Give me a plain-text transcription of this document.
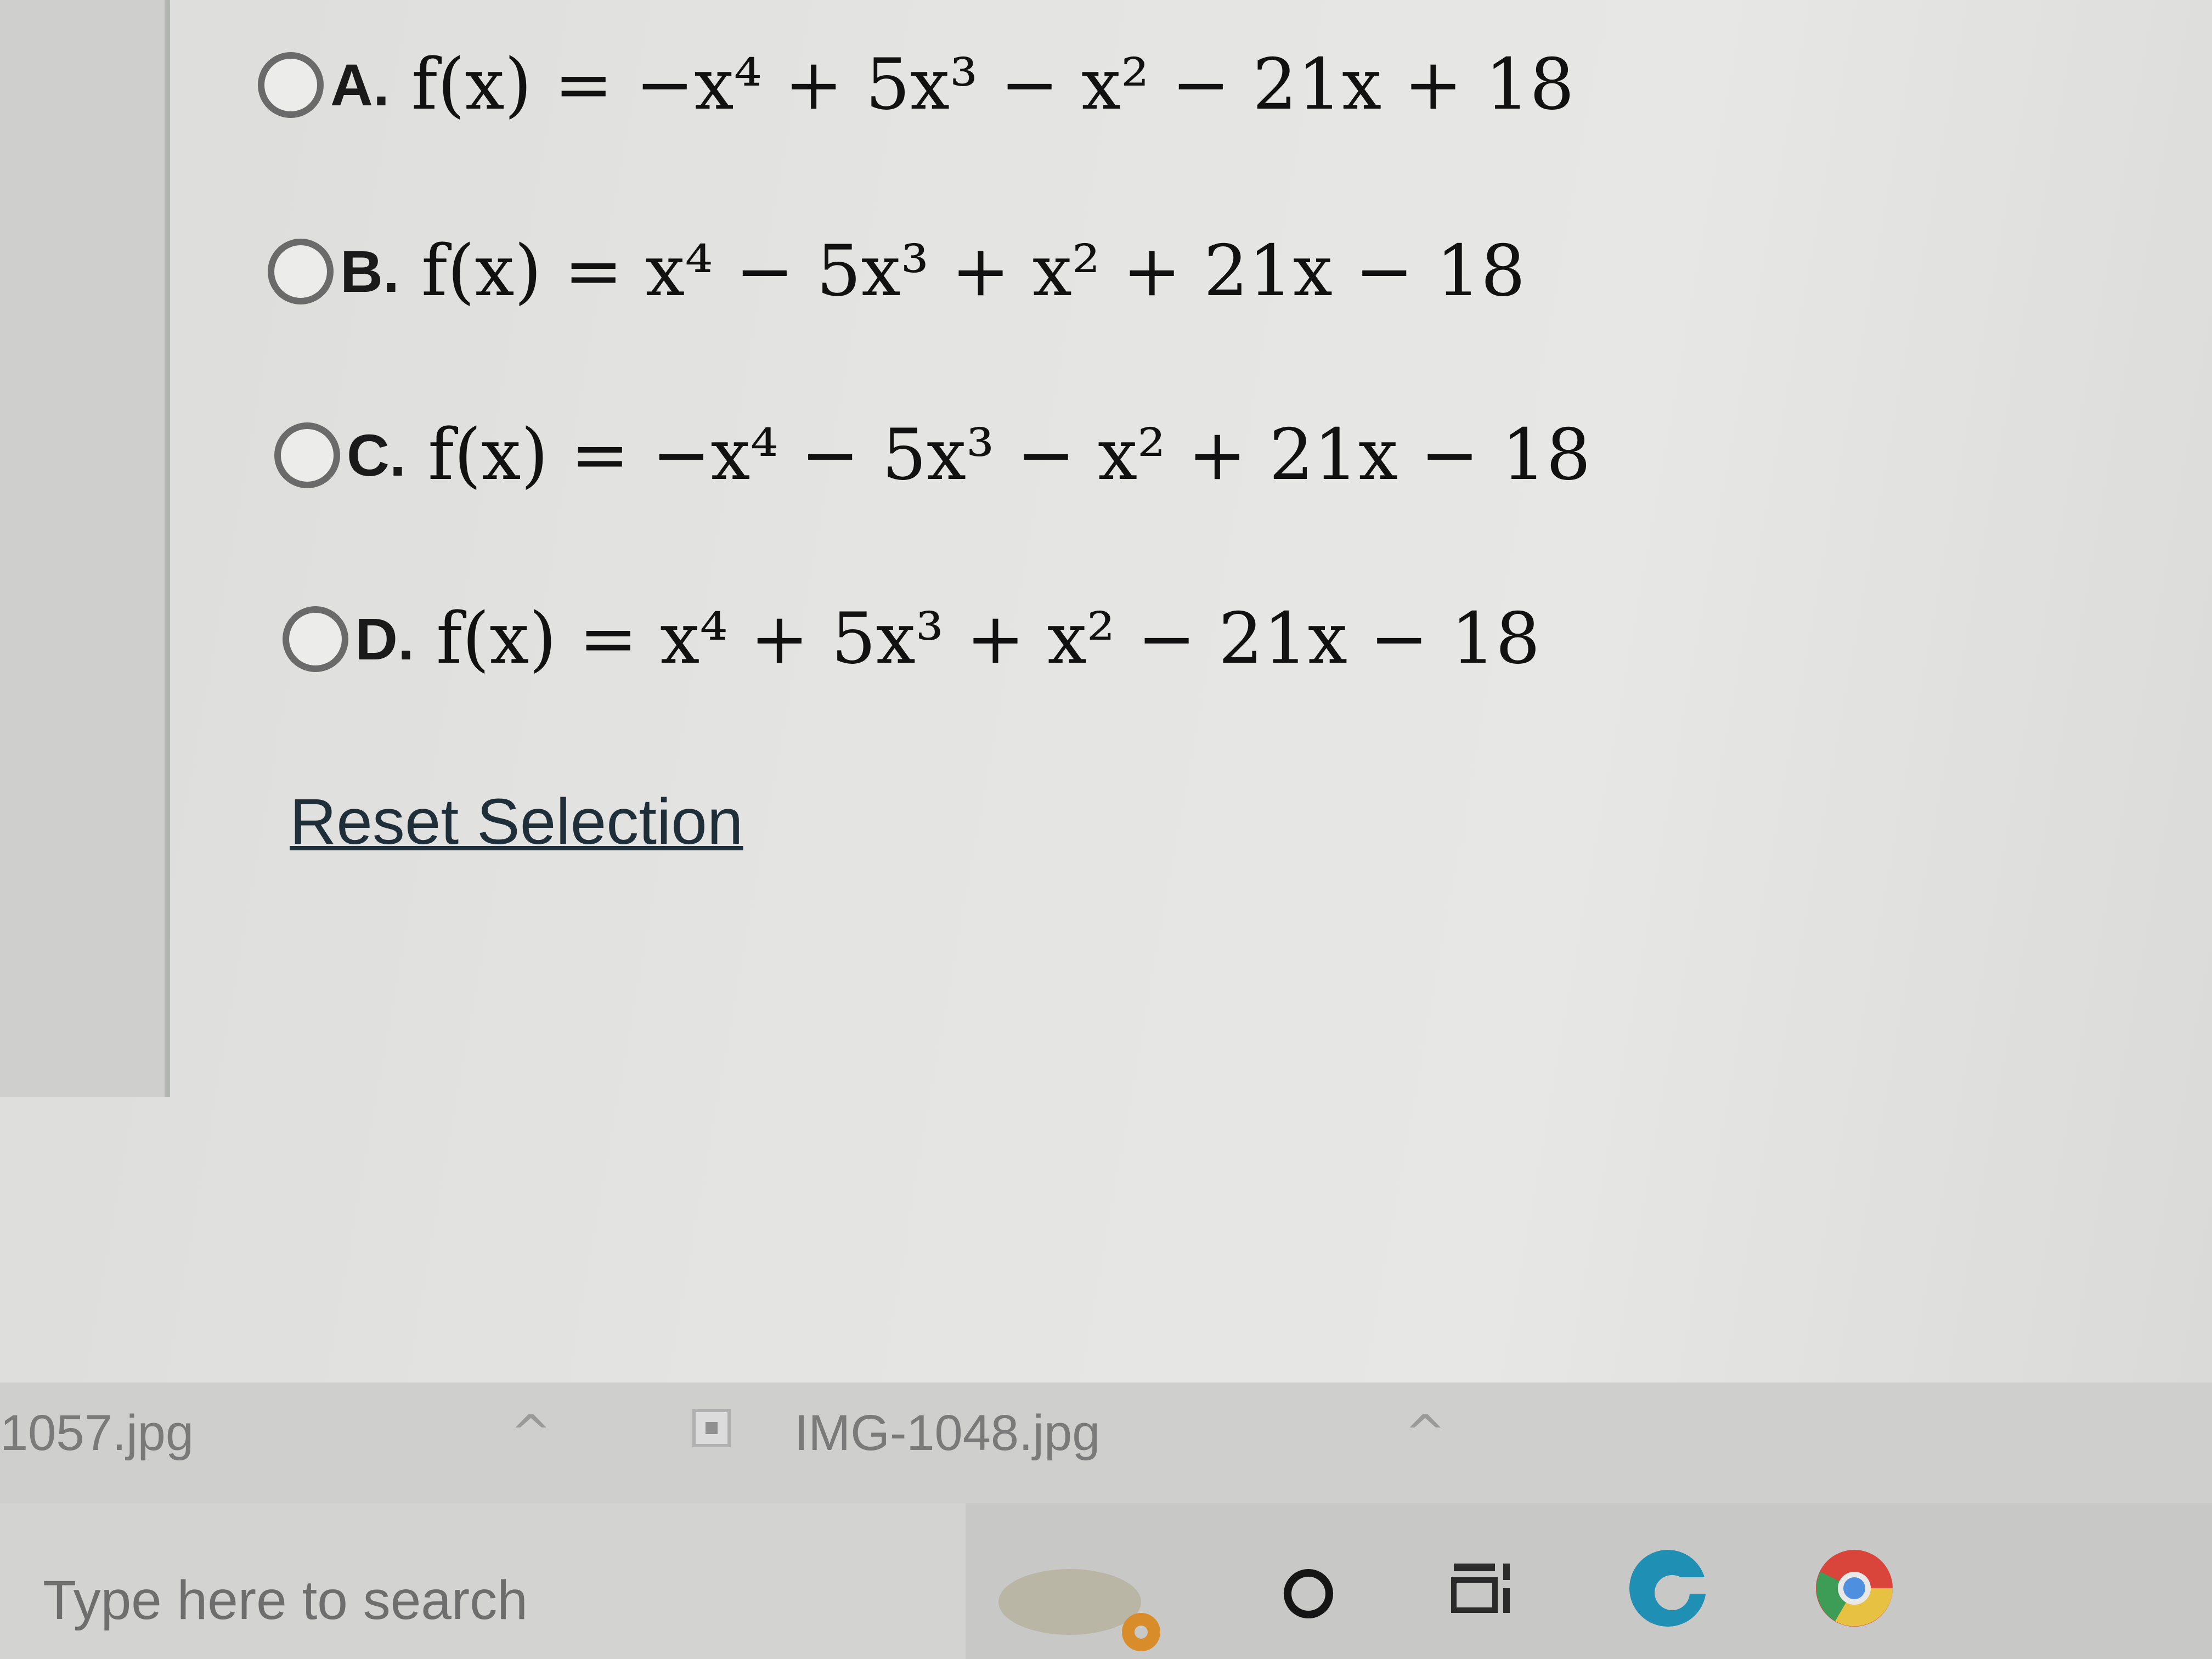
A. f(x) = −x⁴ + 5x³ − x² − 21x + 18
B. f(x) = x⁴ − 5x³ + x² + 21x − 18
C. f(x) = −x⁴ − 5x³ − x² + 21x − 18
D. f(x) = x⁴ + 5x³ + x² − 21x − 18
Reset Selection
1057.jpg	^	IMG-1048.jpg	^
Type here to search
